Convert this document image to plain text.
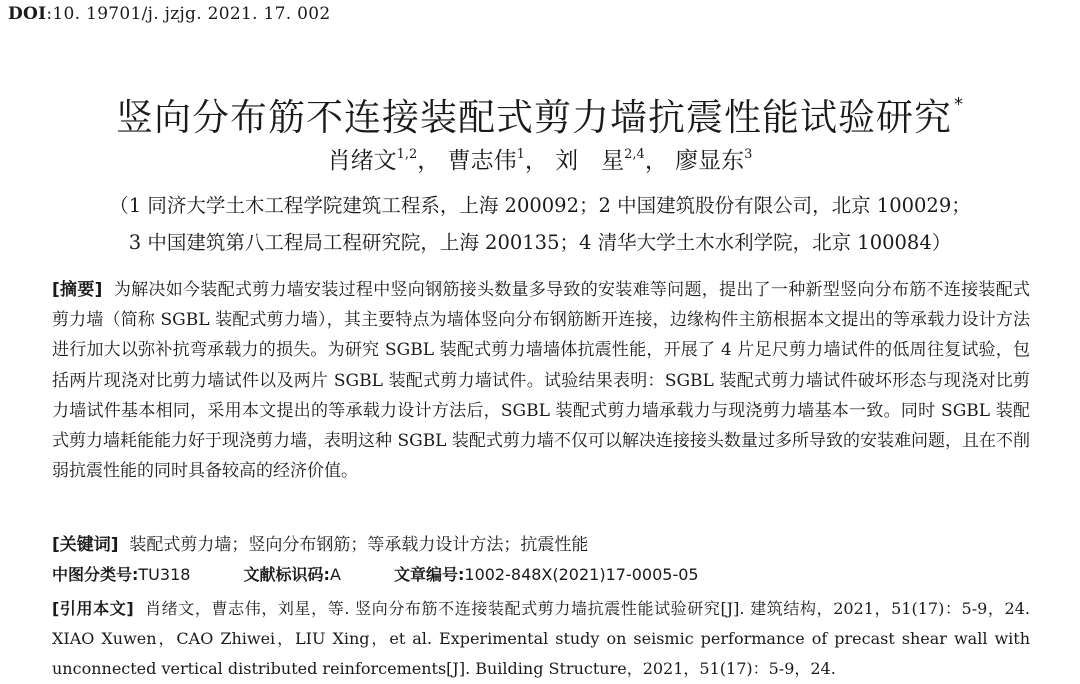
DOI:10. 19701/j. jzjg. 2021. 17. 002
竖向分布筋不连接装配式剪力墙抗震性能试验研究 *
肖绪文$^{1,2}$， 曹志伟$^1$， 刘　星$^{2,4}$， 廖显东$^3$
（1 同济大学土木工程学院建筑工程系，上海 200092；2 中国建筑股份有限公司，北京 100029；
3 中国建筑第八工程局工程研究院，上海 200135；4 清华大学土木水利学院，北京 100084）
[摘要] 为解决如今装配式剪力墙安装过程中竖向钢筋接头数量多导致的安装难等问题，提出了一种新型竖向分布筋不连接装配式剪力墙（简称 SGBL 装配式剪力墙），其主要特点为墙体竖向分布钢筋断开连接，边缘构件主筋根据本文提出的等承载力设计方法进行加大以弥补抗弯承载力的损失。为研究 SGBL 装配式剪力墙墙体抗震性能，开展了 4 片足尺剪力墙试件的低周往复试验，包括两片现浇对比剪力墙试件以及两片 SGBL 装配式剪力墙试件。试验结果表明：SGBL 装配式剪力墙试件破坏形态与现浇对比剪力墙试件基本相同，采用本文提出的等承载力设计方法后，SGBL 装配式剪力墙承载力与现浇剪力墙基本一致。同时 SGBL 装配式剪力墙耗能能力好于现浇剪力墙，表明这种 SGBL 装配式剪力墙不仅可以解决连接接头数量过多所导致的安装难问题，且在不削弱抗震性能的同时具备较高的经济价值。
[关键词] 装配式剪力墙；竖向分布钢筋；等承载力设计方法；抗震性能
中图分类号:TU318	文献标识码:A	文章编号:1002-848X(2021)17-0005-05
[引用本文] 肖绪文，曹志伟，刘星，等. 竖向分布筋不连接装配式剪力墙抗震性能试验研究[J]. 建筑结构，2021，51(17)：5-9，24. XIAO Xuwen，CAO Zhiwei，LIU Xing，et al. Experimental study on seismic performance of precast shear wall with unconnected vertical distributed reinforcements[J]. Building Structure，2021，51(17)：5-9，24.
